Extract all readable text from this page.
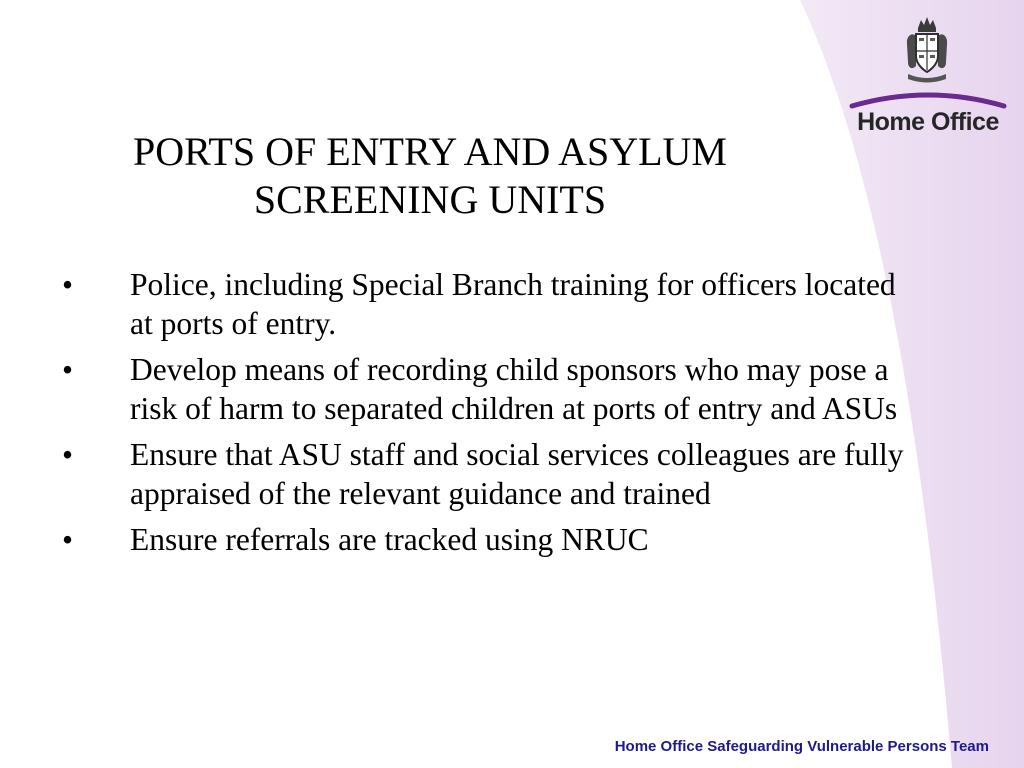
Home Office
PORTS OF ENTRY AND ASYLUM
SCREENING UNITS
• Police, including Special Branch training for officers located at ports of entry.
• Develop means of recording child sponsors who may pose a risk of harm to separated children at ports of entry and ASUs
• Ensure that ASU staff and social services colleagues are fully appraised of the relevant guidance and trained
• Ensure referrals are tracked using NRUC
Home Office Safeguarding Vulnerable Persons Team
